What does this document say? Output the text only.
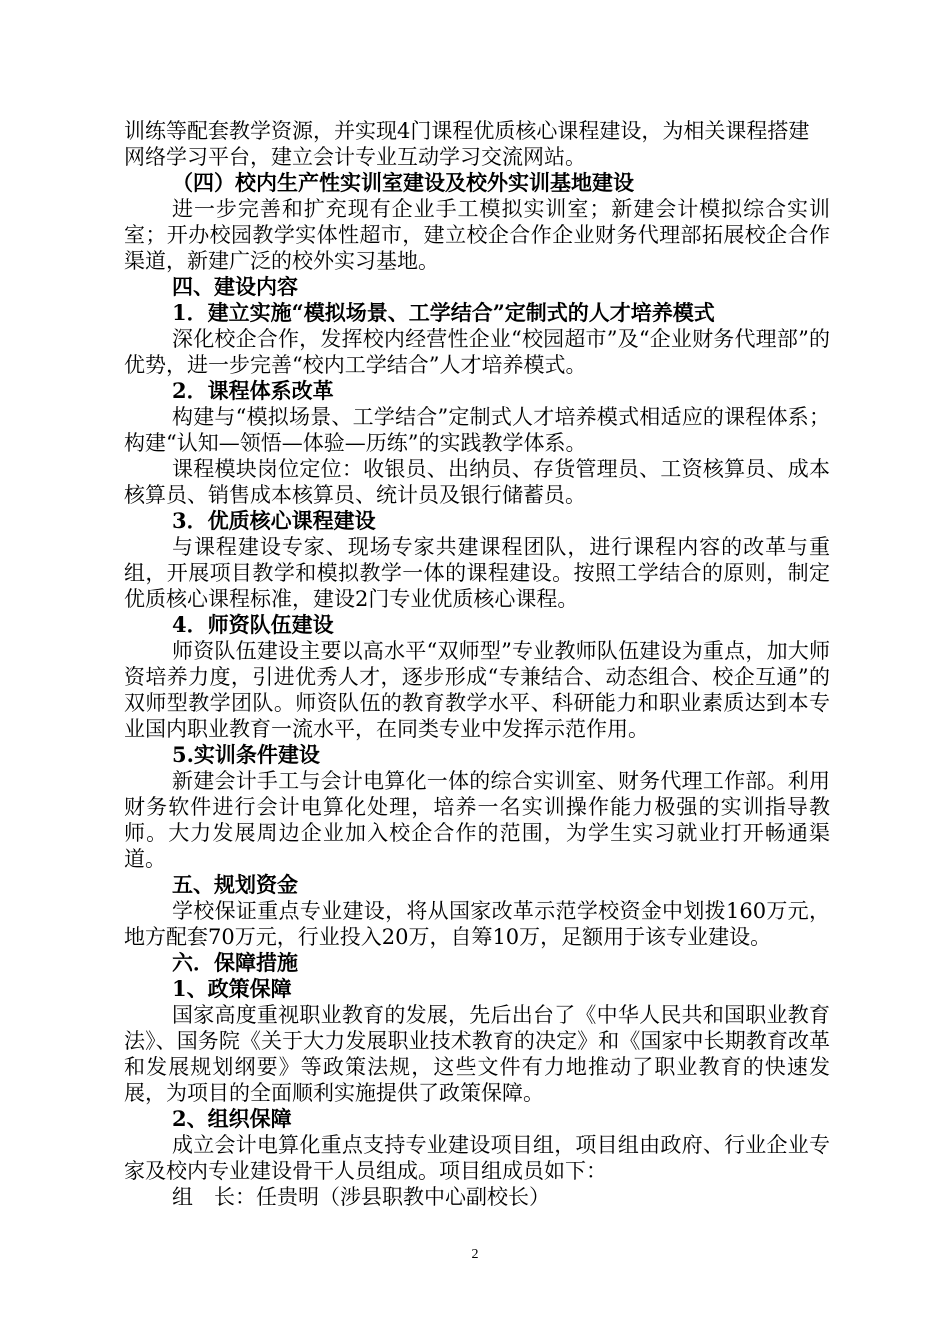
训练等配套教学资源，并实现4门课程优质核心课程建设，为相关课程搭建网络学习平台，建立会计专业互动学习交流网站。

（四）校内生产性实训室建设及校外实训基地建设

进一步完善和扩充现有企业手工模拟实训室；新建会计模拟综合实训室；开办校园教学实体性超市，建立校企合作企业财务代理部拓展校企合作渠道，新建广泛的校外实习基地。

四、建设内容

1．建立实施“模拟场景、工学结合”定制式的人才培养模式

深化校企合作，发挥校内经营性企业“校园超市”及“企业财务代理部”的优势，进一步完善“校内工学结合”人才培养模式。

2．课程体系改革

构建与“模拟场景、工学结合”定制式人才培养模式相适应的课程体系；构建“认知—领悟—体验—历练”的实践教学体系。

课程模块岗位定位：收银员、出纳员、存货管理员、工资核算员、成本核算员、销售成本核算员、统计员及银行储蓄员。

3．优质核心课程建设

与课程建设专家、现场专家共建课程团队，进行课程内容的改革与重组，开展项目教学和模拟教学一体的课程建设。按照工学结合的原则，制定优质核心课程标准，建设2门专业优质核心课程。

4．师资队伍建设

师资队伍建设主要以高水平“双师型”专业教师队伍建设为重点，加大师资培养力度，引进优秀人才，逐步形成“专兼结合、动态组合、校企互通”的双师型教学团队。师资队伍的教育教学水平、科研能力和职业素质达到本专业国内职业教育一流水平，在同类专业中发挥示范作用。

5.实训条件建设

新建会计手工与会计电算化一体的综合实训室、财务代理工作部。利用财务软件进行会计电算化处理，培养一名实训操作能力极强的实训指导教师。大力发展周边企业加入校企合作的范围，为学生实习就业打开畅通渠道。

五、规划资金

学校保证重点专业建设，将从国家改革示范学校资金中划拨160万元，地方配套70万元，行业投入20万，自筹10万，足额用于该专业建设。

六．保障措施

1、政策保障

国家高度重视职业教育的发展，先后出台了《中华人民共和国职业教育法》、国务院《关于大力发展职业技术教育的决定》和《国家中长期教育改革和发展规划纲要》等政策法规，这些文件有力地推动了职业教育的快速发展，为项目的全面顺利实施提供了政策保障。

2、组织保障

成立会计电算化重点支持专业建设项目组，项目组由政府、行业企业专家及校内专业建设骨干人员组成。项目组成员如下：

组　长：任贵明（涉县职教中心副校长）

2
